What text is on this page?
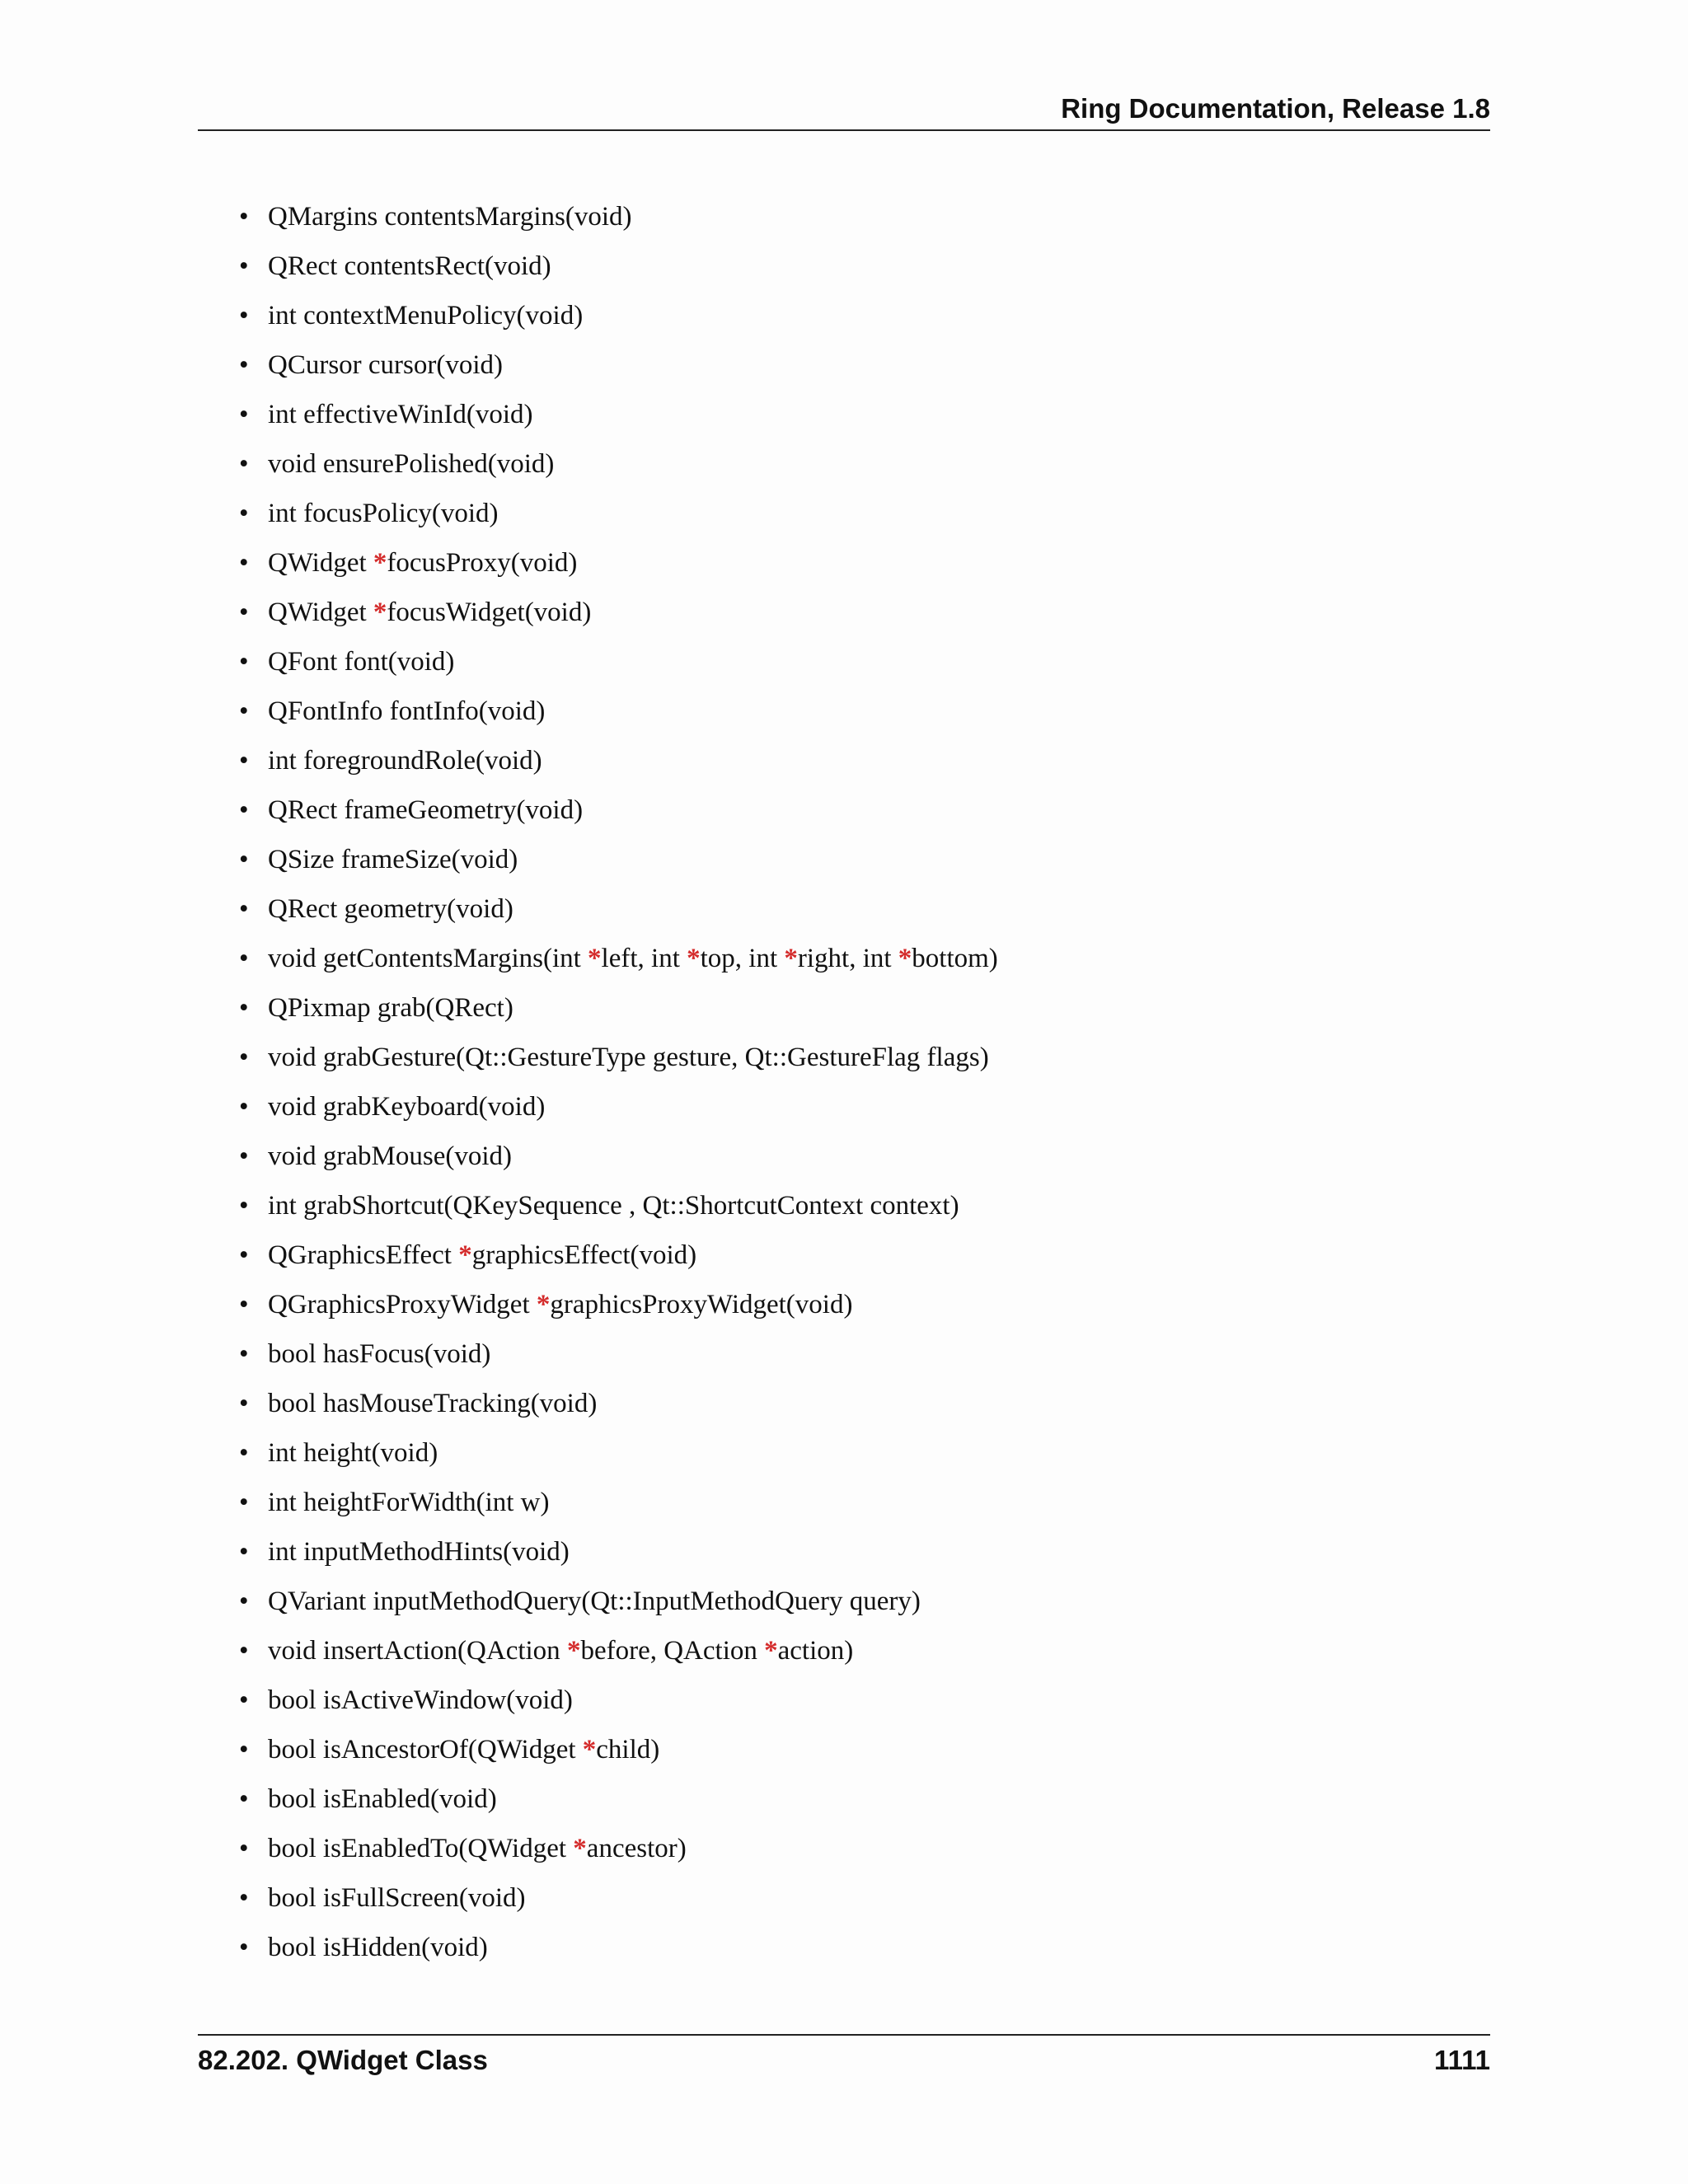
Ring Documentation, Release 1.8
• QMargins contentsMargins(void)
• QRect contentsRect(void)
• int contextMenuPolicy(void)
• QCursor cursor(void)
• int effectiveWinId(void)
• void ensurePolished(void)
• int focusPolicy(void)
• QWidget *focusProxy(void)
• QWidget *focusWidget(void)
• QFont font(void)
• QFontInfo fontInfo(void)
• int foregroundRole(void)
• QRect frameGeometry(void)
• QSize frameSize(void)
• QRect geometry(void)
• void getContentsMargins(int *left, int *top, int *right, int *bottom)
• QPixmap grab(QRect)
• void grabGesture(Qt::GestureType gesture, Qt::GestureFlag flags)
• void grabKeyboard(void)
• void grabMouse(void)
• int grabShortcut(QKeySequence , Qt::ShortcutContext context)
• QGraphicsEffect *graphicsEffect(void)
• QGraphicsProxyWidget *graphicsProxyWidget(void)
• bool hasFocus(void)
• bool hasMouseTracking(void)
• int height(void)
• int heightForWidth(int w)
• int inputMethodHints(void)
• QVariant inputMethodQuery(Qt::InputMethodQuery query)
• void insertAction(QAction *before, QAction *action)
• bool isActiveWindow(void)
• bool isAncestorOf(QWidget *child)
• bool isEnabled(void)
• bool isEnabledTo(QWidget *ancestor)
• bool isFullScreen(void)
• bool isHidden(void)
82.202. QWidget Class	1111
